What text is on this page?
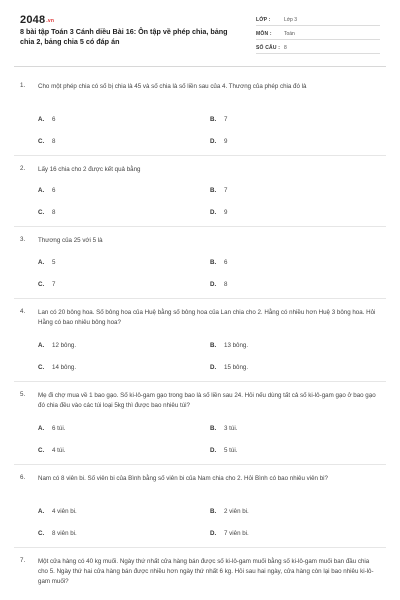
2048.vn
8 bài tập Toán 3 Cánh diều Bài 16: Ôn tập về phép chia, bảng chia 2, bảng chia 5 có đáp án
LỚP :	Lớp 3
MÔN : Toán
SỐ CÂU : 8
1. Cho một phép chia có số bị chia là 45 và số chia là số liền sau của 4. Thương của phép chia đó là
A. 6	B. 7
C. 8	D. 9
2. Lấy 16 chia cho 2 được kết quả bằng
A. 6	B. 7
C. 8	D. 9
3. Thương của 25 với 5 là
A. 5	B. 6
C. 7	D. 8
4. Lan có 20 bông hoa. Số bông hoa của Huệ bằng số bông hoa của Lan chia cho 2. Hằng có nhiều hơn Huệ 3 bông hoa. Hỏi Hằng có bao nhiêu bông hoa?
A. 12 bông.	B. 13 bông.
C. 14 bông.	D. 15 bông.
5. Mẹ đi chợ mua về 1 bao gạo. Số ki-lô-gam gạo trong bao là số liền sau 24. Hỏi nếu dùng tất cả số ki-lô-gam gạo ở bao gạo đó chia đều vào các túi loại 5kg thì được bao nhiêu túi?
A. 6 túi.	B. 3 túi.
C. 4 túi.	D. 5 túi.
6. Nam có 8 viên bi. Số viên bi của Bình bằng số viên bi của Nam chia cho 2. Hỏi Bình có bao nhiêu viên bi?
A. 4 viên bi.	B. 2 viên bi.
C. 8 viên bi.	D. 7 viên bi.
7. Một cửa hàng có 40 kg muối. Ngày thứ nhất cửa hàng bán được số ki-lô-gam muối bằng số ki-lô-gam muối ban đầu chia cho 5. Ngày thứ hai cửa hàng bán được nhiều hơn ngày thứ nhất 6 kg. Hỏi sau hai ngày, cửa hàng còn lại bao nhiêu ki-lô-gam muối?
